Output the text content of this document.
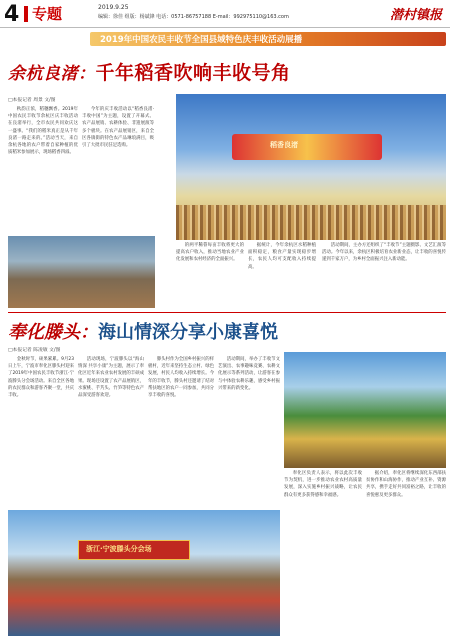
4 专题	2019.9.25
编辑：徐佳 组版：杨斌锋 电话：0571-86757188 E-mail：992975110@163.com	潜村镇报
2019年中国农民丰收节全国县域特色庆丰收活动展播
余杭良渚：千年稻香吹响丰收号角
□本报记者 周景 文/图

秋韵正浓，稻穗飘香。2019年中国农民丰收节余杭区庆丰收活动在良渚举行，全市农民共同欢庆这一盛事。“我们的稻米真正是从千年良渚一路走来的。”活动当天，来自余杭各地的农户带着自家种植的优质稻米参加展示，现场稻香四溢。

今年的庆丰收活动以“稻香良渚·丰收中国”为主题，设置了开幕式、农产品展销、农耕体验、非遗展演等多个板块。在农产品展销区，来自全区各镇街的特色农产品琳琅满目，吸引了大批市民驻足选购。	稻香良渚

的两平稀瞢每亩丰收将更大的提高农户收入，推动当地农业产业化发展和农村经济的全面振兴。

据统计，今年余杭区水稻种植面积稳定，粮食产量实现稳步增长，农民人均可支配收入持续提高。

活动期间，主办方还组织了“丰收节”主题摄影、文艺汇演等活动。今年以来，余杭区积极培育农业新业态，让丰收的喜悦传递到千家万户，为乡村全面振兴注入新动能。

奉化滕头：海山情深分享小康喜悦
□本报记者 陈凌敏 文/图

金秋时节，硕果累累。9月23日上午，宁波市奉化区滕头村迎来了2019年中国农民丰收节浙江·宁波滕头分会场活动。来自全区各地的农民群众和游客齐聚一堂，共庆丰收。

活动现场，宁波滕头以“海山情深 共享小康”为主题，展示了奉化区近年来农业农村发展的丰硕成果。现场还设置了农产品展销区，水蜜桃、芋艿头、竹笋等特色农产品深受游客欢迎。

滕头村作为全国乡村振兴的样板村，近年来坚持生态立村、绿色发展，村民人均收入持续增长。今年的丰收节，滕头村还邀请了结对帮扶地区的农户一同参加，共同分享丰收的喜悦。

活动期间，举办了丰收节文艺演出、农事趣味竞赛、农耕文化展示等系列活动，让游客在参与中体验农耕乐趣，感受乡村振兴带来的新变化。

浙江·宁波滕头分会场

奉化区负责人表示，将以此次丰收节为契机，进一步推动农业农村高质量发展，深入实施乡村振兴战略，让农民群众有更多获得感和幸福感。

据介绍，奉化区将继续深化东西部扶贫协作和山海协作，推动产业互补、资源共享，携手走好共同富裕之路，让丰收的喜悦惠及更多群众。
